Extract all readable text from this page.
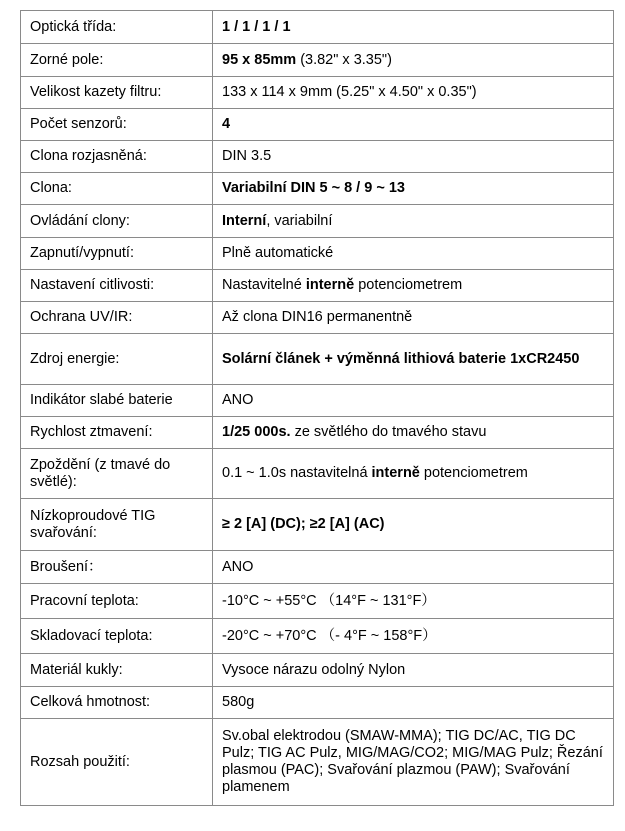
Optická třída:	1 / 1 / 1 / 1
Zorné pole:	95 x 85mm (3.82" x 3.35")
Velikost kazety filtru:	133 x 114 x 9mm (5.25" x 4.50" x 0.35")
Počet senzorů:	4
Clona rozjasněná:	DIN 3.5
Clona:	Variabilní DIN 5 ~ 8 / 9 ~ 13
Ovládání clony:	Interní, variabilní
Zapnutí/vypnutí:	Plně automatické
Nastavení citlivosti:	Nastavitelné interně potenciometrem
Ochrana UV/IR:	Až clona DIN16 permanentně
Zdroj energie:	Solární článek + výměnná lithiová baterie 1xCR2450
Indikátor slabé baterie	ANO
Rychlost ztmavení:	1/25 000s. ze světlého do tmavého stavu
Zpoždění (z tmavé do světlé):	0.1 ~ 1.0s nastavitelná interně potenciometrem
Nízkoproudové TIG svařování:	≥ 2 [A] (DC); ≥2 [A] (AC)
Broušení：	ANO
Pracovní teplota:	-10°C ~ +55°C （14°F ~ 131°F）
Skladovací teplota:	-20°C ~ +70°C （- 4°F ~ 158°F）
Materiál kukly:	Vysoce nárazu odolný Nylon
Celková hmotnost:	580g
Rozsah použití:	Sv.obal elektrodou (SMAW-MMA); TIG DC/AC, TIG DC Pulz; TIG AC Pulz, MIG/MAG/CO2; MIG/MAG Pulz; Řezání plasmou (PAC); Svařování plazmou (PAW); Svařování plamenem
